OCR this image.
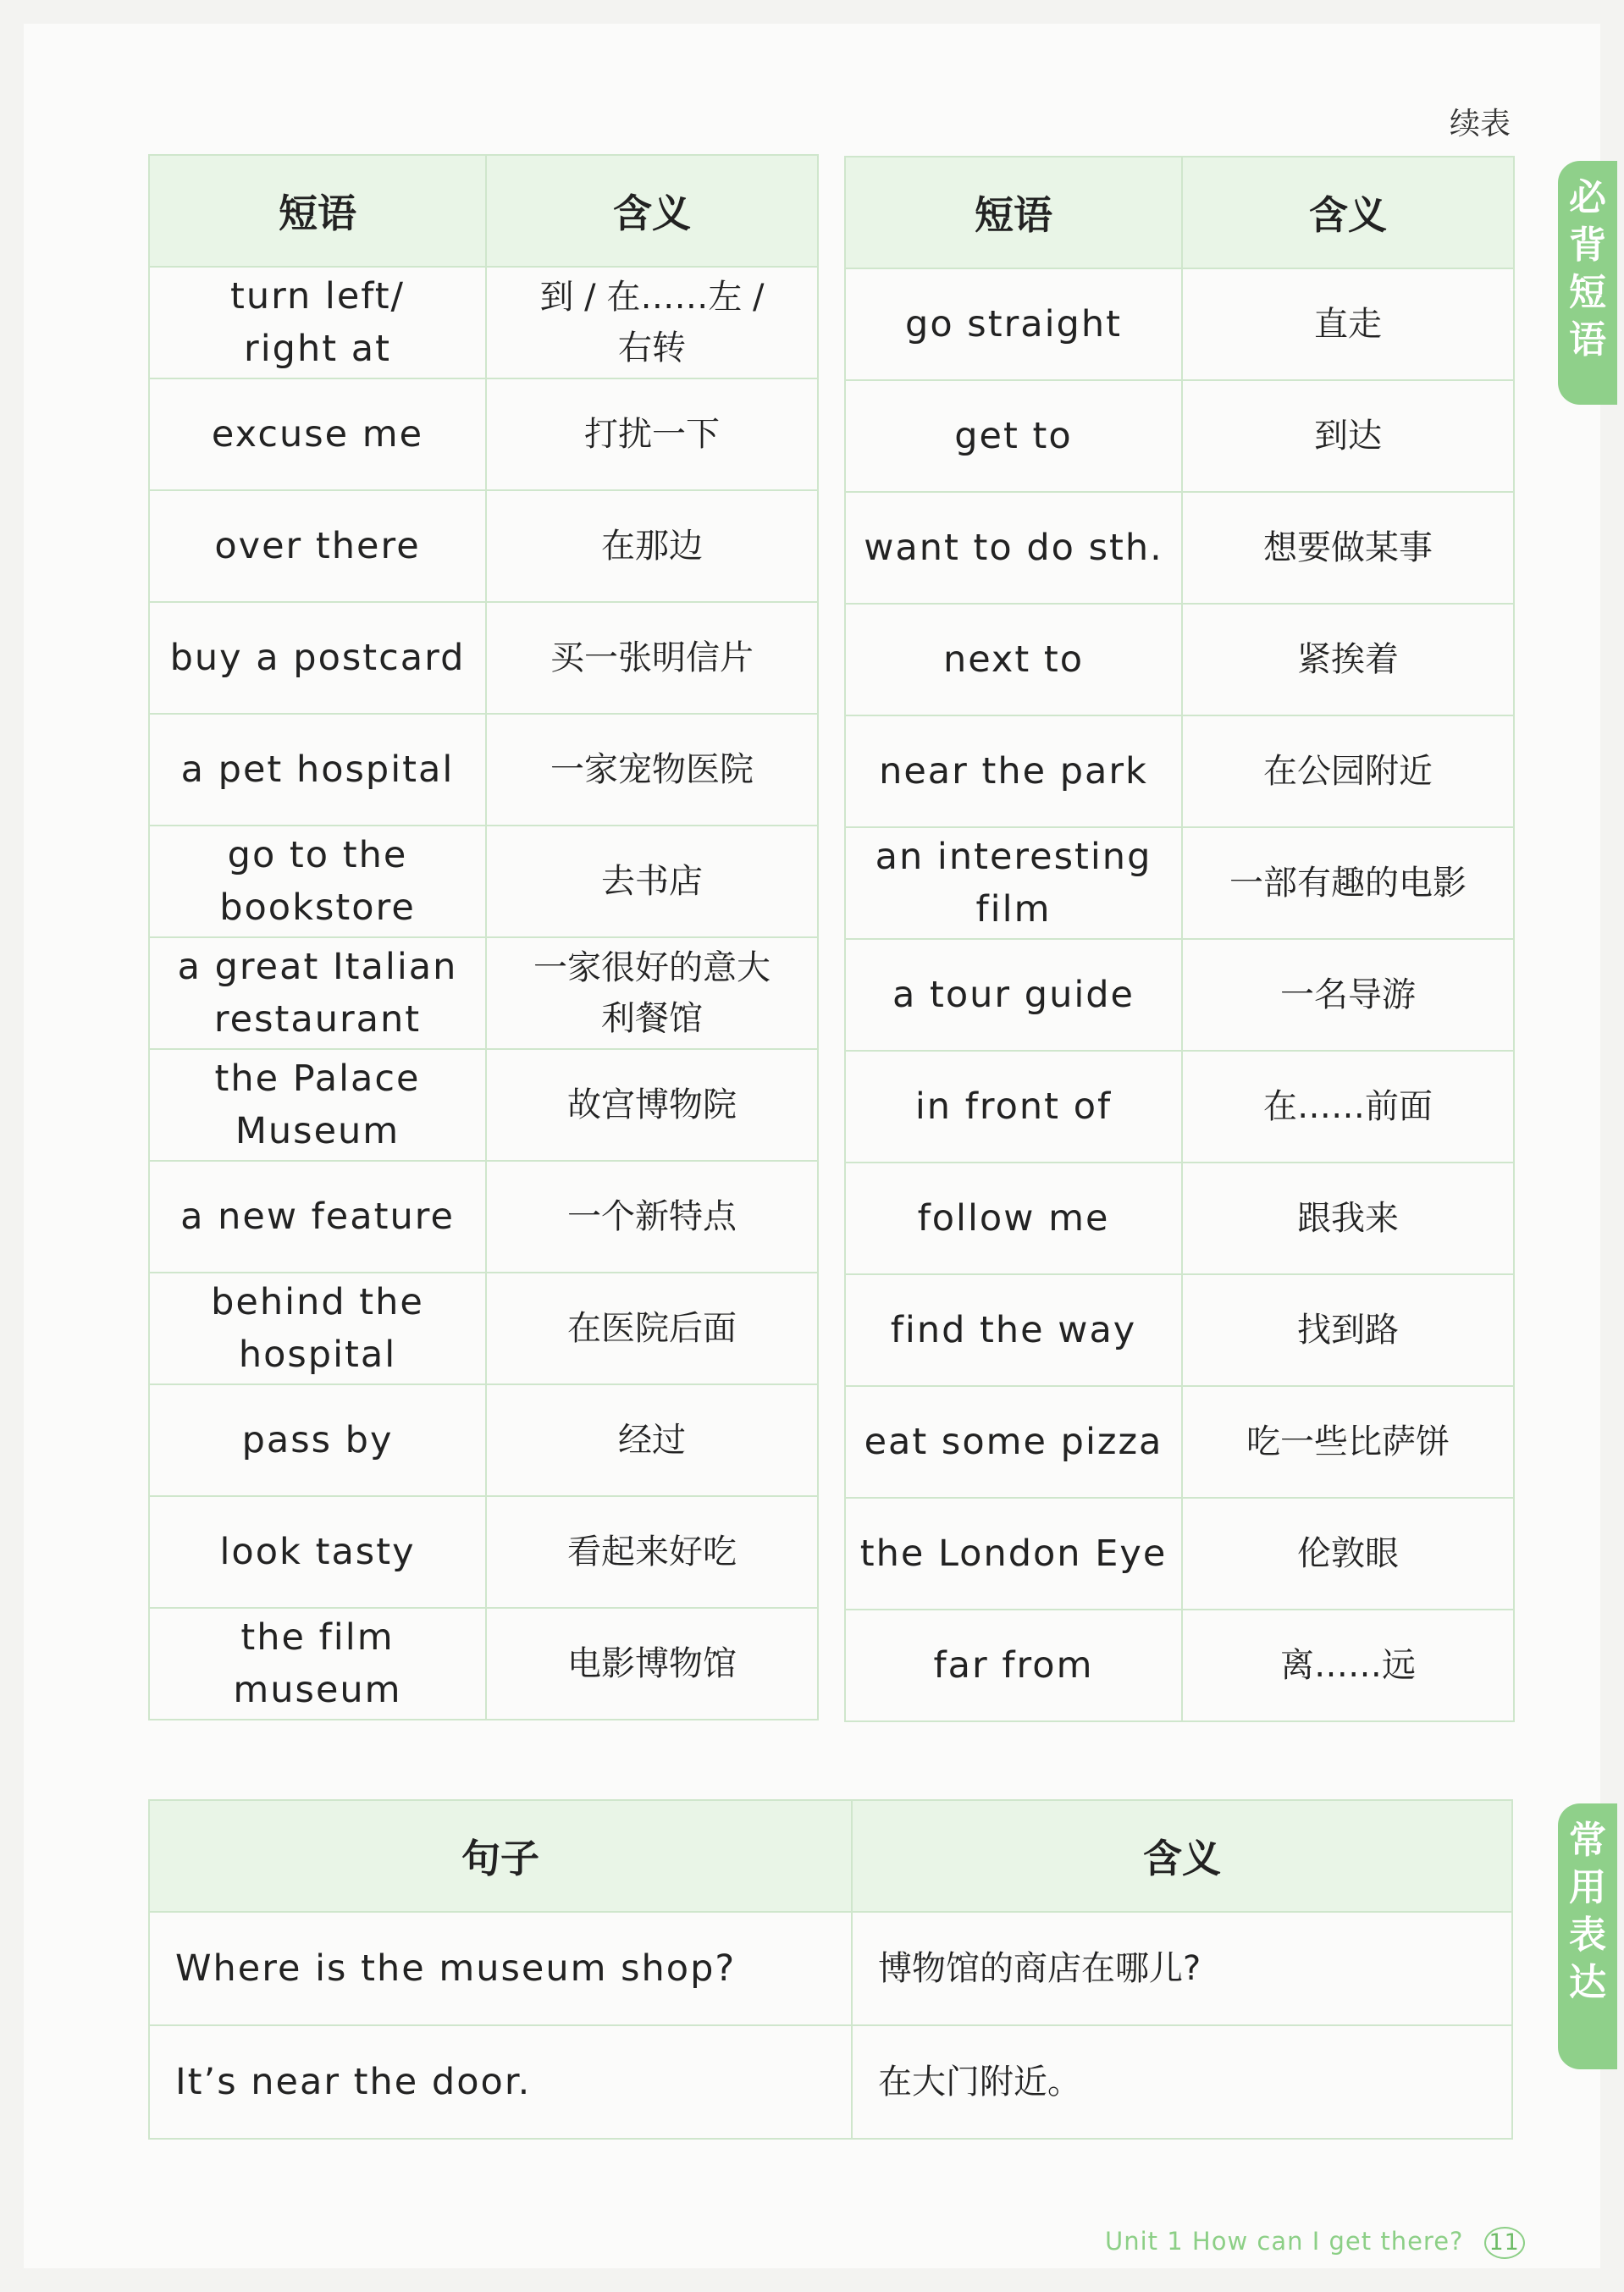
续表
短语	含义
turn left/
right at	到 / 在……左 /
右转
excuse me	打扰一下
over there	在那边
buy a postcard	买一张明信片
a pet hospital	一家宠物医院
go to the
bookstore	去书店
a great Italian
restaurant	一家很好的意大
利餐馆
the Palace
Museum	故宫博物院
a new feature	一个新特点
behind the
hospital	在医院后面
pass by	经过
look tasty	看起来好吃
the film museum	电影博物馆
短语	含义
go straight	直走
get to	到达
want to do sth.	想要做某事
next to	紧挨着
near the park	在公园附近
an interesting
film	一部有趣的电影
a tour guide	一名导游
in front of	在……前面
follow me	跟我来
find the way	找到路
eat some pizza	吃一些比萨饼
the London Eye	伦敦眼
far from	离……远
句子	含义
Where is the museum shop?	博物馆的商店在哪儿?
It’s near the door.	在大门附近。
必
背
短
语
常
用
表
达
Unit 1 How can I get there? 11
